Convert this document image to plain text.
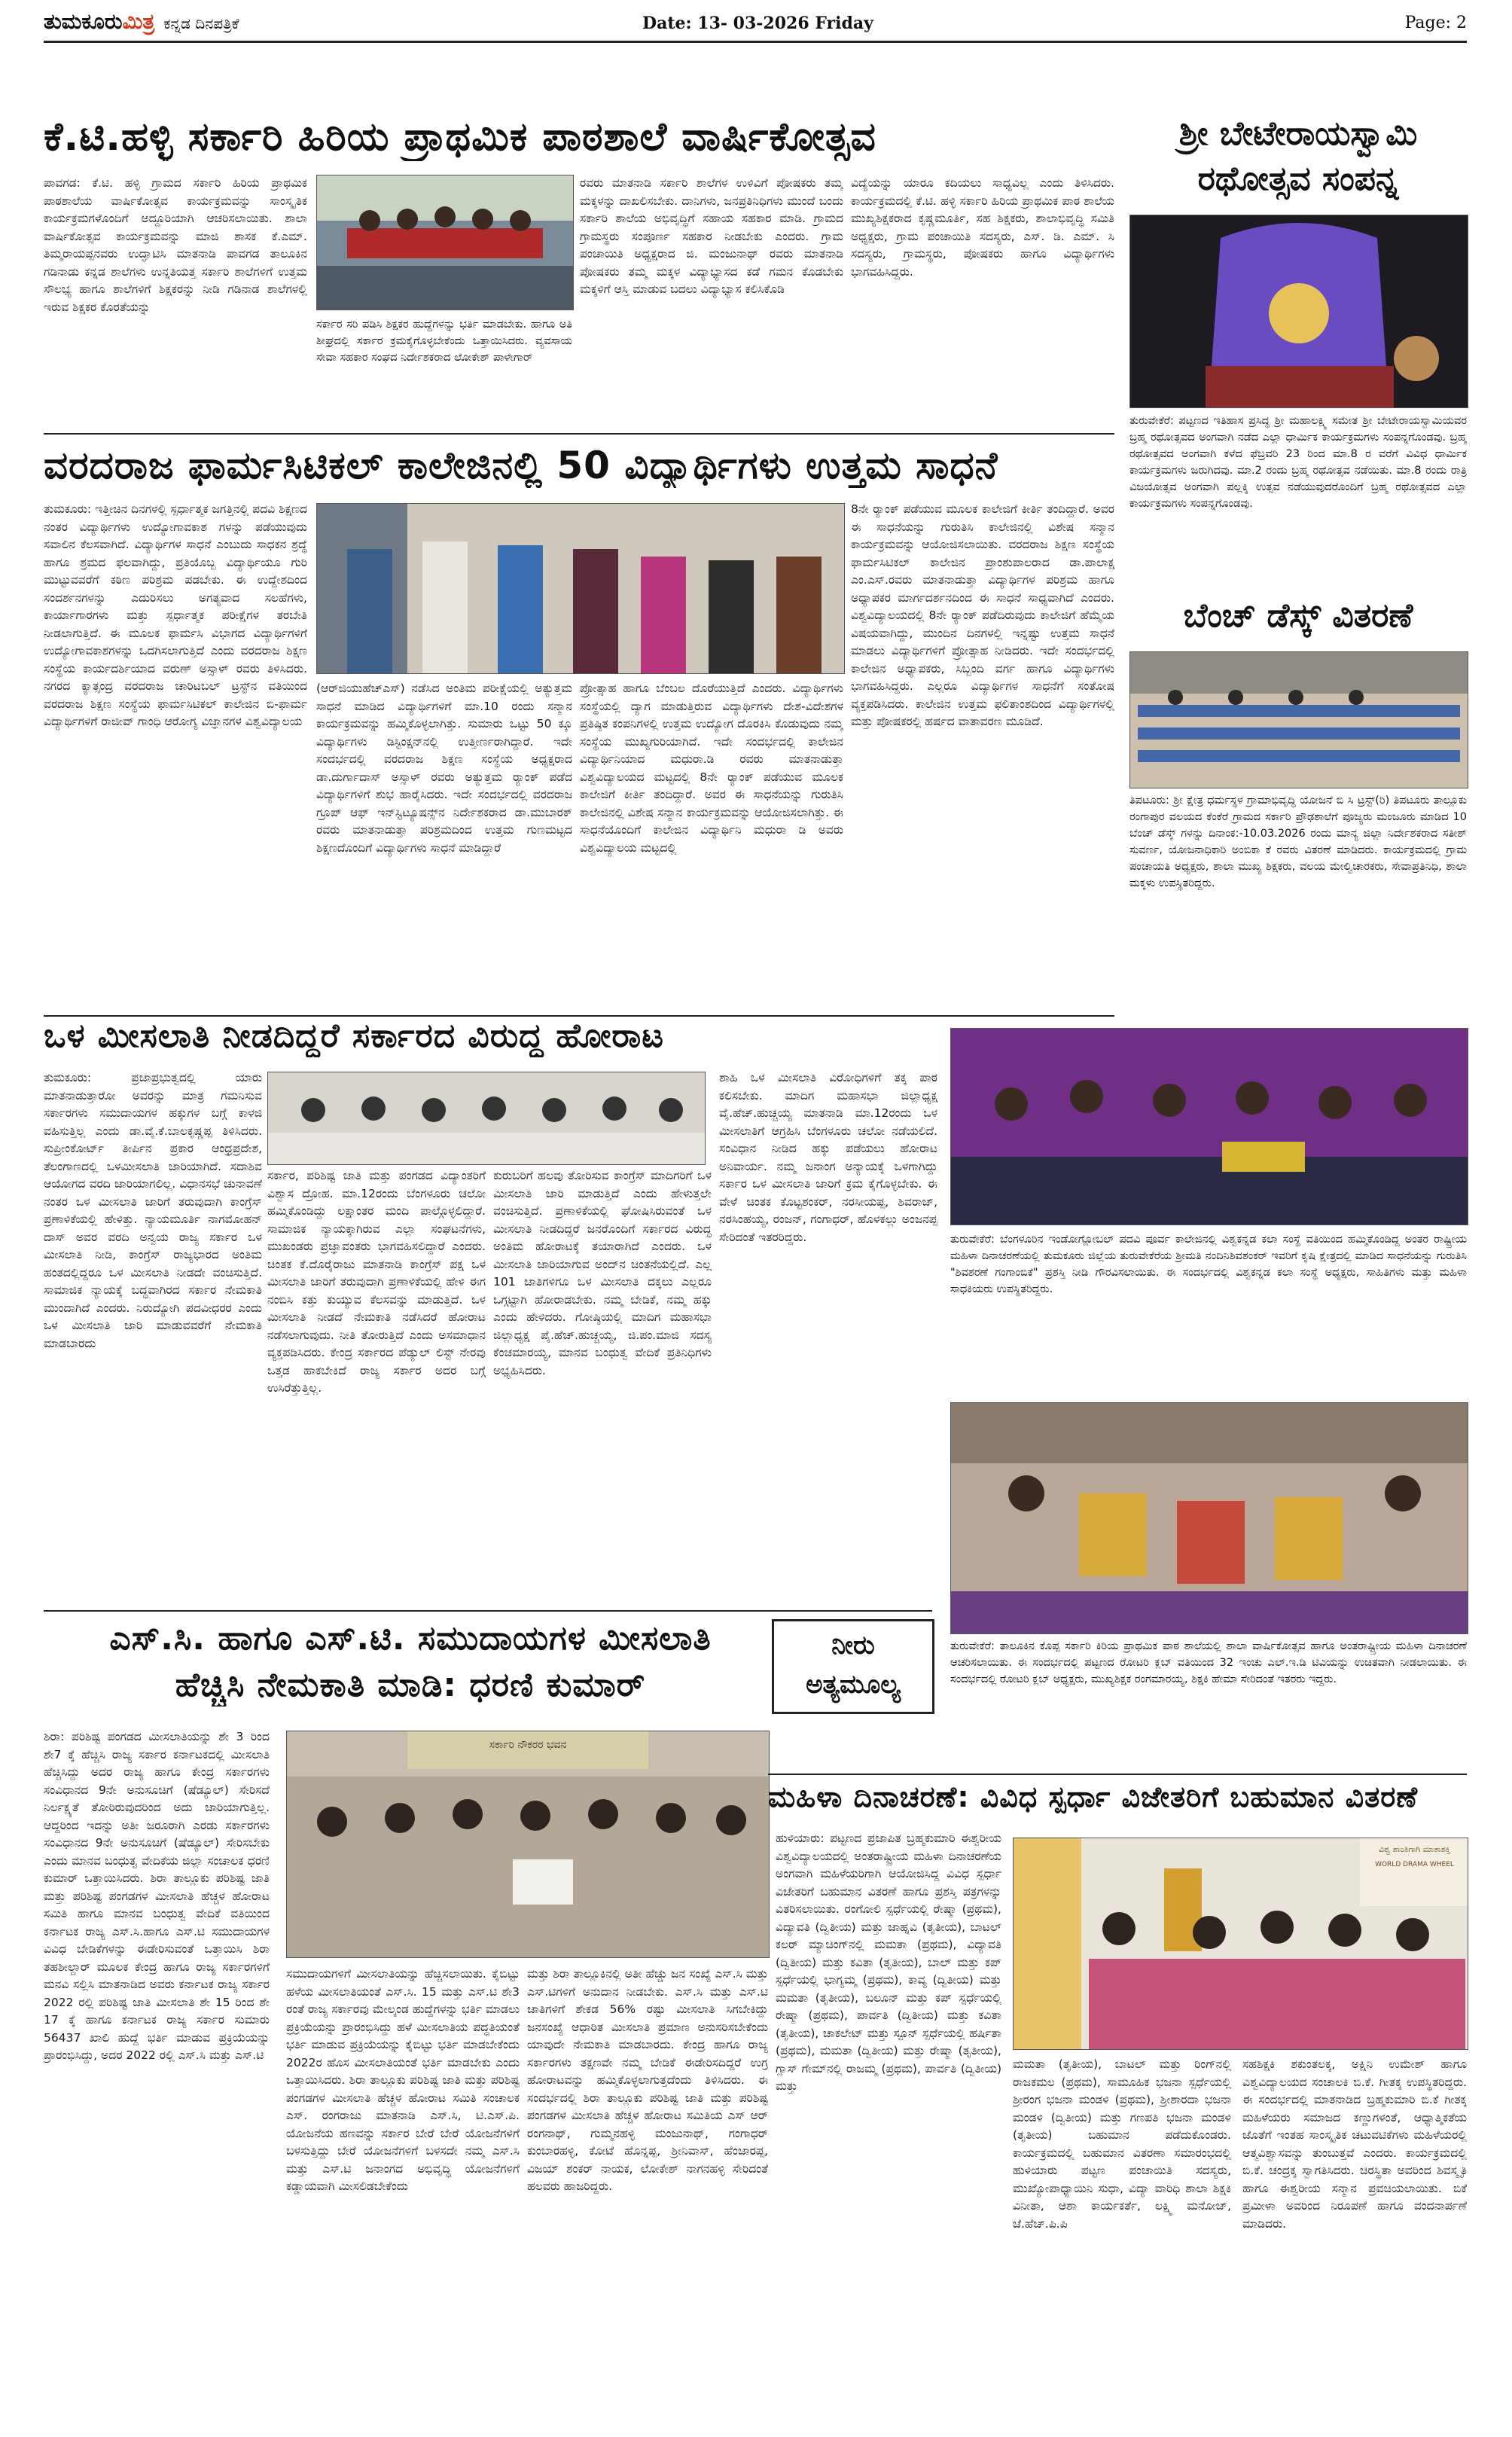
ತುಮಕೂರುಮಿತ್ರ ಕನ್ನಡ ದಿನಪತ್ರಿಕೆ	Date: 13- 03-2026 Friday	Page: 2
ಕೆ.ಟಿ.ಹಳ್ಳಿ ಸರ್ಕಾರಿ ಹಿರಿಯ ಪ್ರಾಥಮಿಕ ಪಾಠಶಾಲೆ ವಾರ್ಷಿಕೋತ್ಸವ
ಪಾವಗಡ: ಕೆ.ಟಿ. ಹಳ್ಳಿ ಗ್ರಾಮದ ಸರ್ಕಾರಿ ಹಿರಿಯ ಪ್ರಾಥಮಿಕ ಪಾಠಶಾಲೆಯ ವಾರ್ಷಿಕೋತ್ಸವ ಕಾರ್ಯಕ್ರಮವನ್ನು ಸಾಂಸ್ಕೃತಿಕ ಕಾರ್ಯಕ್ರಮಗಳೊಂದಿಗೆ ಅದ್ದೂರಿಯಾಗಿ ಆಚರಿಸಲಾಯಿತು. ಶಾಲಾ ವಾರ್ಷಿಕೋತ್ಸವ ಕಾರ್ಯಕ್ರಮವನ್ನು ಮಾಜಿ ಶಾಸಕ ಕೆ.ಎಮ್. ತಿಮ್ಮರಾಯಪ್ಪನವರು ಉದ್ಘಾಟಿಸಿ ಮಾತನಾಡಿ ಪಾವಗಡ ತಾಲೂಕಿನ ಗಡಿನಾಡು ಕನ್ನಡ ಶಾಲೆಗಳು ಉನ್ನತಿಯತ್ತ ಸರ್ಕಾರಿ ಶಾಲೆಗಳಿಗೆ ಉತ್ತಮ ಸೌಲಭ್ಯ ಹಾಗೂ ಶಾಲೆಗಳಿಗೆ ಶಿಕ್ಷಕರನ್ನು ನೀಡಿ ಗಡಿನಾಡ ಶಾಲೆಗಳಲ್ಲಿ ಇರುವ ಶಿಕ್ಷಕರ ಕೊರತೆಯನ್ನು
ಸರ್ಕಾರ ಸರಿ ಪಡಿಸಿ ಶಿಕ್ಷಕರ ಹುದ್ದೆಗಳನ್ನು ಭರ್ತಿ ಮಾಡಬೇಕು. ಹಾಗೂ ಅತಿ ಶೀಘ್ರದಲ್ಲಿ ಸರ್ಕಾರ ಕ್ರಮಕೈಗೊಳ್ಳಬೇಕೆಂದು ಒತ್ತಾಯಿಸಿದರು. ವ್ಯವಸಾಯ ಸೇವಾ ಸಹಕಾರ ಸಂಘದ ನಿರ್ದೇಶಕರಾದ ಲೋಕೇಶ್ ಪಾಳೇಗಾರ್
ರವರು ಮಾತನಾಡಿ ಸರ್ಕಾರಿ ಶಾಲೆಗಳ ಉಳಿವಿಗೆ ಪೋಷಕರು ತಮ್ಮ ಮಕ್ಕಳನ್ನು ದಾಖಲಿಸಬೇಕು. ದಾನಿಗಳು, ಜನಪ್ರತಿನಿಧಿಗಳು ಮುಂದೆ ಬಂದು ಸರ್ಕಾರಿ ಶಾಲೆಯ ಅಭಿವೃದ್ಧಿಗೆ ಸಹಾಯ ಸಹಕಾರ ಮಾಡಿ. ಗ್ರಾಮದ ಗ್ರಾಮಸ್ಥರು ಸಂಪೂರ್ಣ ಸಹಕಾರ ನೀಡಬೇಕು ಎಂದರು. ಗ್ರಾಮ ಪಂಚಾಯಿತಿ ಅಧ್ಯಕ್ಷರಾದ ಜಿ. ಮಂಜುನಾಥ್ ರವರು ಮಾತನಾಡಿ ಪೋಷಕರು ತಮ್ಮ ಮಕ್ಕಳ ವಿದ್ಯಾಭ್ಯಾಸದ ಕಡೆ ಗಮನ ಕೊಡಬೇಕು ಮಕ್ಕಳಿಗೆ ಆಸ್ತಿ ಮಾಡುವ ಬದಲು ವಿದ್ಯಾಭ್ಯಾಸ ಕಲಿಸಿಕೊಡಿ
ವಿದ್ಯೆಯನ್ನು ಯಾರೂ ಕದಿಯಲು ಸಾಧ್ಯವಿಲ್ಲ ಎಂದು ತಿಳಿಸಿದರು. ಕಾರ್ಯಕ್ರಮದಲ್ಲಿ ಕೆ.ಟಿ. ಹಳ್ಳಿ ಸರ್ಕಾರಿ ಹಿರಿಯ ಪ್ರಾಥಮಿಕ ಪಾಠ ಶಾಲೆಯ ಮುಖ್ಯಶಿಕ್ಷಕರಾದ ಕೃಷ್ಣಮೂರ್ತಿ, ಸಹ ಶಿಕ್ಷಕರು, ಶಾಲಾಭಿವೃದ್ಧಿ ಸಮಿತಿ ಅಧ್ಯಕ್ಷರು, ಗ್ರಾಮ ಪಂಚಾಯಿತಿ ಸದಸ್ಯರು, ಎಸ್. ಡಿ. ಎಮ್. ಸಿ ಸದಸ್ಯರು, ಗ್ರಾಮಸ್ಥರು, ಪೋಷಕರು ಹಾಗೂ ವಿದ್ಯಾರ್ಥಿಗಳು ಭಾಗವಹಿಸಿದ್ದರು.
ಶ್ರೀ ಬೇಟೇರಾಯಸ್ವಾಮಿ
ರಥೋತ್ಸವ ಸಂಪನ್ನ
ತುರುವೇಕೆರೆ: ಪಟ್ಟಣದ ಇತಿಹಾಸ ಪ್ರಸಿದ್ಧ ಶ್ರೀ ಮಹಾಲಕ್ಷ್ಮಿ ಸಮೇತ ಶ್ರೀ ಬೇಟೇರಾಯಸ್ವಾಮಿಯವರ ಬ್ರಹ್ಮ ರಥೋತ್ಸವದ ಅಂಗವಾಗಿ ನಡೆದ ಎಲ್ಲಾ ಧಾರ್ಮಿಕ ಕಾರ್ಯಕ್ರಮಗಳು ಸಂಪನ್ನಗೊಂಡವು. ಬ್ರಹ್ಮ ರಥೋತ್ಸವದ ಅಂಗವಾಗಿ ಕಳೆದ ಫೆಬ್ರವರಿ 23 ರಿಂದ ಮಾ.8 ರ ವರೆಗೆ ವಿವಿಧ ಧಾರ್ಮಿಕ ಕಾರ್ಯಕ್ರಮಗಳು ಜರುಗಿದವು. ಮಾ.2 ರಂದು ಬ್ರಹ್ಮ ರಥೋತ್ಸವ ನಡೆಯಿತು. ಮಾ.8 ರಂದು ರಾತ್ರಿ ವಿಜಯೋತ್ಸವ ಅಂಗವಾಗಿ ಪಲ್ಲಕ್ಕಿ ಉತ್ಸವ ನಡೆಯುವುದರೊಂದಿಗೆ ಬ್ರಹ್ಮ ರಥೋತ್ಸವದ ಎಲ್ಲಾ ಕಾರ್ಯಕ್ರಮಗಳು ಸಂಪನ್ನಗೊಂಡವು.
ವರದರಾಜ ಫಾರ್ಮಸಿಟಿಕಲ್ ಕಾಲೇಜಿನಲ್ಲಿ 50 ವಿದ್ಯಾರ್ಥಿಗಳು ಉತ್ತಮ ಸಾಧನೆ
ತುಮಕೂರು: ಇತ್ತೀಚಿನ ದಿನಗಳಲ್ಲಿ ಸ್ಪರ್ಧಾತ್ಮಕ ಜಗತ್ತಿನಲ್ಲಿ ಪದವಿ ಶಿಕ್ಷಣದ ನಂತರ ವಿದ್ಯಾರ್ಥಿಗಳು ಉದ್ಯೋಗಾವಕಾಶ ಗಳನ್ನು ಪಡೆಯುವುದು ಸವಾಲಿನ ಕೆಲಸವಾಗಿದೆ. ವಿದ್ಯಾರ್ಥಿಗಳ ಸಾಧನೆ ಎಂಬುದು ಸಾಧಕನ ಶ್ರದ್ಧೆ ಹಾಗೂ ಶ್ರಮದ ಫಲವಾಗಿದ್ದು, ಪ್ರತಿಯೊಬ್ಬ ವಿದ್ಯಾರ್ಥಿಯೂ ಗುರಿ ಮುಟ್ಟುವವರೆಗೆ ಕಠಿಣ ಪರಿಶ್ರಮ ಪಡಬೇಕು. ಈ ಉದ್ದೇಶದಿಂದ ಸಂದರ್ಶನಗಳನ್ನು ಎದುರಿಸಲು ಅಗತ್ಯವಾದ ಸಲಹೆಗಳು, ಕಾರ್ಯಾಗಾರಗಳು ಮತ್ತು ಸ್ಪರ್ಧಾತ್ಮಕ ಪರೀಕ್ಷೆಗಳ ತರಬೇತಿ ನೀಡಲಾಗುತ್ತಿದೆ. ಈ ಮೂಲಕ ಫಾರ್ಮಸಿ ವಿಭಾಗದ ವಿದ್ಯಾರ್ಥಿಗಳಿಗೆ ಉದ್ಯೋಗಾವಕಾಶಗಳನ್ನು ಒದಗಿಸಲಾಗುತ್ತಿದೆ ಎಂದು ವರದರಾಜ ಶಿಕ್ಷಣ ಸಂಸ್ಥೆಯ ಕಾರ್ಯದರ್ಶಿಯಾದ ವರುಣ್ ಅಸ್ಸಾಳ್ ರವರು ತಿಳಿಸಿದರು. ನಗರದ ಕ್ಯಾತ್ಸಂದ್ರ ವರದರಾಜ ಚಾರಿಟಬಲ್ ಟ್ರಸ್ಟ್‌ನ ವತಿಯಿಂದ ವರದರಾಜ ಶಿಕ್ಷಣ ಸಂಸ್ಥೆಯ ಫಾರ್ಮಸಿಟಿಕಲ್ ಕಾಲೇಜಿನ ಬಿ-ಫಾರ್ಮ ವಿದ್ಯಾರ್ಥಿಗಳಿಗೆ ರಾಜೀವ್ ಗಾಂಧಿ ಆರೋಗ್ಯ ವಿಜ್ಞಾನಗಳ ವಿಶ್ವವಿದ್ಯಾಲಯ
(ಆರ್‌ಜಿಯುಹೆಚ್‌ಎಸ್) ನಡೆಸಿದ ಅಂತಿಮ ಪರೀಕ್ಷೆಯಲ್ಲಿ ಅತ್ಯುತ್ತಮ ಸಾಧನೆ ಮಾಡಿದ ವಿದ್ಯಾರ್ಥಿಗಳಿಗೆ ಮಾ.10 ರಂದು ಸನ್ಮಾನ ಕಾರ್ಯಕ್ರಮವನ್ನು ಹಮ್ಮಿಕೊಳ್ಳಲಾಗಿತ್ತು. ಸುಮಾರು ಒಟ್ಟು 50 ಕ್ಕೂ ವಿದ್ಯಾರ್ಥಿಗಳು ಡಿಸ್ಟಿಂಕ್ಷನ್‌ನಲ್ಲಿ ಉತ್ತೀರ್ಣರಾಗಿದ್ದಾರೆ. ಇದೇ ಸಂದರ್ಭದಲ್ಲಿ ವರದರಾಜ ಶಿಕ್ಷಣ ಸಂಸ್ಥೆಯ ಅಧ್ಯಕ್ಷರಾದ ಡಾ.ದುರ್ಗಾದಾಸ್ ಅಸ್ಸಾಳ್ ರವರು ಅತ್ಯುತ್ತಮ ರ‍್ಯಾಂಕ್ ಪಡೆದ ವಿದ್ಯಾರ್ಥಿಗಳಿಗೆ ಶುಭ ಹಾರೈಸಿದರು. ಇದೇ ಸಂದರ್ಭದಲ್ಲಿ ವರದರಾಜ ಗ್ರೂಪ್ ಆಫ್ ಇನ್‌ಸ್ಟಿಟ್ಯೂಷನ್ಸ್‌ನ ನಿರ್ದೇಶಕರಾದ ಡಾ.ಮುಬಾರಕ್ ರವರು ಮಾತನಾಡುತ್ತಾ ಪರಿಶ್ರಮದಿಂದ ಉತ್ತಮ ಗುಣಮಟ್ಟದ ಶಿಕ್ಷಣದೊಂದಿಗೆ ವಿದ್ಯಾರ್ಥಿಗಳು ಸಾಧನೆ ಮಾಡಿದ್ದಾರೆ
ಪ್ರೋತ್ಸಾಹ ಹಾಗೂ ಬೆಂಬಲ ದೊರೆಯುತ್ತಿದೆ ಎಂದರು. ವಿದ್ಯಾರ್ಥಿಗಳು ಸಂಸ್ಥೆಯಲ್ಲಿ ದ್ಯಾಗ ಮಾಡುತ್ತಿರುವ ವಿದ್ಯಾರ್ಥಿಗಳು ದೇಶ-ವಿದೇಶಗಳ ಪ್ರತಿಷ್ಠಿತ ಕಂಪನಿಗಳಲ್ಲಿ ಉತ್ತಮ ಉದ್ಯೋಗ ದೊರಕಿಸಿ ಕೊಡುವುದು ನಮ್ಮ ಸಂಸ್ಥೆಯ ಮುಖ್ಯಗುರಿಯಾಗಿದೆ. ಇದೇ ಸಂದರ್ಭದಲ್ಲಿ ಕಾಲೇಜಿನ ವಿದ್ಯಾರ್ಥಿನಿಯಾದ ಮಧುರಾ.ಡಿ ರವರು ಮಾತನಾಡುತ್ತಾ ವಿಶ್ವವಿದ್ಯಾಲಯದ ಮಟ್ಟದಲ್ಲಿ 8ನೇ ರ‍್ಯಾಂಕ್ ಪಡೆಯುವ ಮೂಲಕ ಕಾಲೇಜಿಗೆ ಕೀರ್ತಿ ತಂದಿದ್ದಾರೆ. ಅವರ ಈ ಸಾಧನೆಯನ್ನು ಗುರುತಿಸಿ ಕಾಲೇಜಿನಲ್ಲಿ ವಿಶೇಷ ಸನ್ಮಾನ ಕಾರ್ಯಕ್ರಮವನ್ನು ಆಯೋಜಿಸಲಾಗಿತ್ತು. ಈ ಸಾಧನೆಯೊಂದಿಗೆ ಕಾಲೇಜಿನ ವಿದ್ಯಾರ್ಥಿನಿ ಮಧುರಾ ಡಿ ಅವರು ವಿಶ್ವವಿದ್ಯಾಲಯ ಮಟ್ಟದಲ್ಲಿ
8ನೇ ರ‍್ಯಾಂಕ್ ಪಡೆಯುವ ಮೂಲಕ ಕಾಲೇಜಿಗೆ ಕೀರ್ತಿ ತಂದಿದ್ದಾರೆ. ಅವರ ಈ ಸಾಧನೆಯನ್ನು ಗುರುತಿಸಿ ಕಾಲೇಜಿನಲ್ಲಿ ವಿಶೇಷ ಸನ್ಮಾನ ಕಾರ್ಯಕ್ರಮವನ್ನು ಆಯೋಜಿಸಲಾಯಿತು. ವರದರಾಜ ಶಿಕ್ಷಣ ಸಂಸ್ಥೆಯ ಫಾರ್ಮಸಿಟಿಕಲ್ ಕಾಲೇಜಿನ ಪ್ರಾಂಶುಪಾಲರಾದ ಡಾ.ಪಾಲಾಕ್ಷ ಎಂ.ಎಸ್.ರವರು ಮಾತನಾಡುತ್ತಾ ವಿದ್ಯಾರ್ಥಿಗಳ ಪರಿಶ್ರಮ ಹಾಗೂ ಅಧ್ಯಾಪಕರ ಮಾರ್ಗದರ್ಶನದಿಂದ ಈ ಸಾಧನೆ ಸಾಧ್ಯವಾಗಿದೆ ಎಂದರು. ವಿಶ್ವವಿದ್ಯಾಲಯದಲ್ಲಿ 8ನೇ ರ‍್ಯಾಂಕ್ ಪಡೆದಿರುವುದು ಕಾಲೇಜಿಗೆ ಹೆಮ್ಮೆಯ ವಿಷಯವಾಗಿದ್ದು, ಮುಂದಿನ ದಿನಗಳಲ್ಲಿ ಇನ್ನಷ್ಟು ಉತ್ತಮ ಸಾಧನೆ ಮಾಡಲು ವಿದ್ಯಾರ್ಥಿಗಳಿಗೆ ಪ್ರೋತ್ಸಾಹ ನೀಡಿದರು. ಇದೇ ಸಂದರ್ಭದಲ್ಲಿ ಕಾಲೇಜಿನ ಅಧ್ಯಾಪಕರು, ಸಿಬ್ಬಂದಿ ವರ್ಗ ಹಾಗೂ ವಿದ್ಯಾರ್ಥಿಗಳು ಭಾಗವಹಿಸಿದ್ದರು. ಎಲ್ಲರೂ ವಿದ್ಯಾರ್ಥಿಗಳ ಸಾಧನೆಗೆ ಸಂತೋಷ ವ್ಯಕ್ತಪಡಿಸಿದರು. ಕಾಲೇಜಿನ ಉತ್ತಮ ಫಲಿತಾಂಶದಿಂದ ವಿದ್ಯಾರ್ಥಿಗಳಲ್ಲಿ ಮತ್ತು ಪೋಷಕರಲ್ಲಿ ಹರ್ಷದ ವಾತಾವರಣ ಮೂಡಿದೆ.
ಬೆಂಚ್ ಡೆಸ್ಕ್ ವಿತರಣೆ
ತಿಪಟೂರು: ಶ್ರೀ ಕ್ಷೇತ್ರ ಧರ್ಮಸ್ಥಳ ಗ್ರಾಮಾಭಿವೃದ್ಧಿ ಯೋಜನೆ ಬಿ ಸಿ ಟ್ರಸ್ಟ್(ರಿ) ತಿಪಟೂರು ತಾಲ್ಲೂಕು ರಂಗಾಪುರ ವಲಯದ ಕೆಂಕೆರೆ ಗ್ರಾಮದ ಸರ್ಕಾರಿ ಪ್ರೌಢಶಾಲೆಗೆ ಪೂಜ್ಯರು ಮಂಜೂರು ಮಾಡಿದ 10 ಬೆಂಚ್ ಡೆಸ್ಕ್ ಗಳನ್ನು ದಿನಾಂಕ:-10.03.2026 ರಂದು ಮಾನ್ಯ ಜಿಲ್ಲಾ ನಿರ್ದೇಶಕರಾದ ಸತೀಶ್ ಸುವರ್ಣ, ಯೋಜನಾಧಿಕಾರಿ ಅಂಬಿಕಾ ಕೆ ರವರು ವಿತರಣೆ ಮಾಡಿದರು. ಕಾರ್ಯಕ್ರಮದಲ್ಲಿ ಗ್ರಾಮ ಪಂಚಾಯತಿ ಅಧ್ಯಕ್ಷರು, ಶಾಲಾ ಮುಖ್ಯ ಶಿಕ್ಷಕರು, ವಲಯ ಮೇಲ್ವಿಚಾರಕರು, ಸೇವಾಪ್ರತಿನಿಧಿ, ಶಾಲಾ ಮಕ್ಕಳು ಉಪಸ್ಥಿತರಿದ್ದರು.
ಒಳ ಮೀಸಲಾತಿ ನೀಡದಿದ್ದರೆ ಸರ್ಕಾರದ ವಿರುದ್ಧ ಹೋರಾಟ
ತುಮಕೂರು: ಪ್ರಜಾಪ್ರಭುತ್ವದಲ್ಲಿ ಯಾರು ಮಾತನಾಡುತ್ತಾರೋ ಅವರನ್ನು ಮಾತ್ರ ಗಮನಿಸುವ ಸರ್ಕಾರಗಳು ಸಮುದಾಯಗಳ ಹಕ್ಕುಗಳ ಬಗ್ಗೆ ಕಾಳಜಿ ವಹಿಸುತ್ತಿಲ್ಲ ಎಂದು ಡಾ.ವೈ.ಕೆ.ಬಾಲಕೃಷ್ಣಪ್ಪ ತಿಳಿಸಿದರು. ಸುಪ್ರೀಂಕೋರ್ಟ್ ತೀರ್ಪಿನ ಪ್ರಕಾರ ಆಂಧ್ರಪ್ರದೇಶ, ತೆಲಂಗಾಣದಲ್ಲಿ ಒಳಮೀಸಲಾತಿ ಜಾರಿಯಾಗಿದೆ. ಸದಾಶಿವ ಆಯೋಗದ ವರದಿ ಜಾರಿಯಾಗಲಿಲ್ಲ. ವಿಧಾನಸಭೆ ಚುನಾವಣೆ ನಂತರ ಒಳ ಮೀಸಲಾತಿ ಜಾರಿಗೆ ತರುವುದಾಗಿ ಕಾಂಗ್ರೆಸ್ ಪ್ರಣಾಳಿಕೆಯಲ್ಲಿ ಹೇಳಿತ್ತು. ನ್ಯಾಯಮೂರ್ತಿ ನಾಗಮೋಹನ್ ದಾಸ್ ಅವರ ವರದಿ ಅನ್ವಯ ರಾಜ್ಯ ಸರ್ಕಾರ ಒಳ ಮೀಸಲಾತಿ ನೀಡಿ, ಕಾಂಗ್ರೆಸ್ ರಾಜ್ಯಭಾರದ ಅಂತಿಮ ಹಂತದಲ್ಲಿದ್ದರೂ ಒಳ ಮೀಸಲಾತಿ ನೀಡದೇ ವಂಚಿಸುತ್ತಿದೆ. ಸಾಮಾಜಿಕ ನ್ಯಾಯಕ್ಕೆ ಬದ್ಧವಾಗಿರದ ಸರ್ಕಾರ ನೇಮಕಾತಿ ಮುಂದಾಗಿದೆ ಎಂದರು. ನಿರುದ್ಯೋಗಿ ಪದವೀಧರರ ಎಂದು ಒಳ ಮೀಸಲಾತಿ ಜಾರಿ ಮಾಡುವವರೆಗೆ ನೇಮಕಾತಿ ಮಾಡಬಾರದು
ಸರ್ಕಾರ, ಪರಿಶಿಷ್ಟ ಜಾತಿ ಮತ್ತು ಪಂಗಡದ ವಿದ್ಯಾಂತರಿಗೆ ವಿಶ್ವಾಸ ದ್ರೋಹ. ಮಾ.12ರಂದು ಬೆಂಗಳೂರು ಚಲೋ ಹಮ್ಮಿಕೊಂಡಿದ್ದು ಲಕ್ಷಾಂತರ ಮಂದಿ ಪಾಲ್ಗೊಳ್ಳಲಿದ್ದಾರೆ. ಸಾಮಾಜಿಕ ನ್ಯಾಯಕ್ಕಾಗಿರುವ ಎಲ್ಲಾ ಸಂಘಟನೆಗಳು, ಮುಖಂಡರು ಪ್ರಜ್ಞಾವಂತರು ಭಾಗವಹಿಸಲಿದ್ದಾರೆ ಎಂದರು. ಚಿಂತಕ ಕೆ.ದೊರೈರಾಜು ಮಾತನಾಡಿ ಕಾಂಗ್ರೆಸ್ ಪಕ್ಷ ಒಳ ಮೀಸಲಾತಿ ಜಾರಿಗೆ ತರುವುದಾಗಿ ಪ್ರಣಾಳಿಕೆಯಲ್ಲಿ ಹೇಳಿ ಈಗ ನಂಬಿಸಿ ಕತ್ತು ಕುಯ್ಯುವ ಕೆಲಸವನ್ನು ಮಾಡುತ್ತಿದೆ. ಒಳ ಮೀಸಲಾತಿ ನೀಡದೆ ನೇಮಕಾತಿ ನಡೆಸಿದರೆ ಹೋರಾಟ ನಡೆಸಲಾಗುವುದು. ನೀತಿ ತೋರುತ್ತಿದೆ ಎಂದು ಅಸಮಾಧಾನ ವ್ಯಕ್ತಪಡಿಸಿದರು. ಕೇಂದ್ರ ಸರ್ಕಾರದ ಪೆಡ್ಯುಲ್ ಲಿಸ್ಟ್ ನೇರವು ಒತ್ತಡ ಹಾಕಬೇಕಿದೆ ರಾಜ್ಯ ಸರ್ಕಾರ ಅದರ ಬಗ್ಗೆ ಉಸಿರೆತ್ತುತ್ತಿಲ್ಲ.
ಕುರುಬರಿಗೆ ಹಲವು ತೋರಿಸುವ ಕಾಂಗ್ರೆಸ್ ಮಾದಿಗರಿಗೆ ಒಳ ಮೀಸಲಾತಿ ಜಾರಿ ಮಾಡುತ್ತಿದೆ ಎಂದು ಹೇಳುತ್ತಲೇ ವಂಚಿಸುತ್ತಿದೆ. ಪ್ರಣಾಳಿಕೆಯಲ್ಲಿ ಘೋಷಿಸಿರುವಂತೆ ಒಳ ಮೀಸಲಾತಿ ನೀಡದಿದ್ದರೆ ಜನರೊಂದಿಗೆ ಸರ್ಕಾರದ ವಿರುದ್ಧ ಅಂತಿಮ ಹೋರಾಟಕ್ಕೆ ತಯಾರಾಗಿದೆ ಎಂದರು. ಒಳ ಮೀಸಲಾತಿ ಜಾರಿಯಾಗುವ ಅಂದ್‌ನ ಚಿಂತನೆಯಲ್ಲಿದೆ. ಎಲ್ಲ 101 ಜಾತಿಗಳಿಗೂ ಒಳ ಮೀಸಲಾತಿ ದಕ್ಕಲು ಎಲ್ಲರೂ ಒಗ್ಗಟ್ಟಾಗಿ ಹೋರಾಡಬೇಕು. ನಮ್ಮ ಬೇಡಿಕೆ, ನಮ್ಮ ಹಕ್ಕು ಎಂದು ಹೇಳಿದರು. ಗೋಷ್ಠಿಯಲ್ಲಿ ಮಾದಿಗ ಮಹಾಸಭಾ ಜಿಲ್ಲಾಧ್ಯಕ್ಷ ಪೈ.ಹೆಚ್.ಹುಚ್ಚಯ್ಯ, ಜಿ.ಪಂ.ಮಾಜಿ ಸದಸ್ಯ ಕೆಂಚಮಾರಯ್ಯ, ಮಾನವ ಬಂಧುತ್ವ ವೇದಿಕೆ ಪ್ರತಿನಿಧಿಗಳು ಅಭ್ಯಹಿಸಿದರು.
ಶಾಹಿ ಒಳ ಮೀಸಲಾತಿ ವಿರೋಧಿಗಳಿಗೆ ತಕ್ಕ ಪಾಠ ಕಲಿಸಬೇಕು. ಮಾದಿಗ ಮಹಾಸಭಾ ಜಿಲ್ಲಾಧ್ಯಕ್ಷ ವೈ.ಹೆಚ್.ಹುಚ್ಚಯ್ಯ ಮಾತನಾಡಿ ಮಾ.12ರಂದು ಒಳ ಮೀಸಲಾತಿಗೆ ಆಗ್ರಹಿಸಿ ಬೆಂಗಳೂರು ಚಲೋ ನಡೆಯಲಿದೆ. ಸಂವಿಧಾನ ನೀಡಿದ ಹಕ್ಕು ಪಡೆಯಲು ಹೋರಾಟ ಅನಿವಾರ್ಯ. ನಮ್ಮ ಜನಾಂಗ ಅನ್ಯಾಯಕ್ಕೆ ಒಳಗಾಗಿದ್ದು ಸರ್ಕಾರ ಒಳ ಮೀಸಲಾತಿ ಜಾರಿಗೆ ಕ್ರಮ ಕೈಗೊಳ್ಳಬೇಕು. ಈ ವೇಳೆ ಚಿಂತಕ ಕೊಟ್ಟಶಂಕರ್, ನರಸೀಯಪ್ಪ, ಶಿವರಾಜ್, ನರಸಿಂಹಯ್ಯ, ರಂಜನ್, ಗಂಗಾಧರ್, ಹೊಳಕಲ್ಲು ಅಂಜನಪ್ಪ ಸೇರಿದಂತೆ ಇತರರಿದ್ದರು.	ತುರುವೇಕೆರೆ: ಬೆಂಗಳೂರಿನ ಇಂಡೋಗ್ಲೋಬಲ್ ಪದವಿ ಪೂರ್ವ ಕಾಲೇಜಿನಲ್ಲಿ ವಿಶ್ವಕನ್ನಡ ಕಲಾ ಸಂಸ್ಥೆ ವತಿಯಿಂದ ಹಮ್ಮಿಕೊಂಡಿದ್ದ ಅಂತರ ರಾಷ್ಟ್ರೀಯ ಮಹಿಳಾ ದಿನಾಚರಣೆಯಲ್ಲಿ ತುಮಕೂರು ಜಿಲ್ಲೆಯ ತುರುವೇಕೆರೆಯ ಶ್ರೀಮತಿ ನಂದಿನಿಶಿವಶಂಕರ್ ಇವರಿಗೆ ಕೃಷಿ ಕ್ಷೇತ್ರದಲ್ಲಿ ಮಾಡಿದ ಸಾಧನೆಯನ್ನು ಗುರುತಿಸಿ "ಶಿವಶರಣೆ ಗಂಗಾಂಬಿಕೆ" ಪ್ರಶಸ್ತಿ ನೀಡಿ ಗೌರವಿಸಲಾಯಿತು. ಈ ಸಂದರ್ಭದಲ್ಲಿ ವಿಶ್ವಕನ್ನಡ ಕಲಾ ಸಂಸ್ಥೆ ಅಧ್ಯಕ್ಷರು, ಸಾಹಿತಿಗಳು ಮತ್ತು ಮಹಿಳಾ ಸಾಧಕಿಯರು ಉಪಸ್ಥಿತರಿದ್ದರು.
ತುರುವೇಕೆರೆ: ತಾಲೂಕಿನ ಕೊಪ್ಪ ಸರ್ಕಾರಿ ಕಿರಿಯ ಪ್ರಾಥಮಿಕ ಪಾಠ ಶಾಲೆಯಲ್ಲಿ ಶಾಲಾ ವಾರ್ಷಿಕೋತ್ಸವ ಹಾಗೂ ಅಂತರಾಷ್ಟ್ರೀಯ ಮಹಿಳಾ ದಿನಾಚರಣೆ ಆಚರಿಸಲಾಯಿತು. ಈ ಸಂದರ್ಭದಲ್ಲಿ ಪಟ್ಟಣದ ರೋಟರಿ ಕ್ಲಬ್ ವತಿಯಿಂದ 32 ಇಂಚು ಎಲ್.ಇ.ಡಿ ಟಿವಿಯನ್ನು ಉಚಿತವಾಗಿ ನೀಡಲಾಯಿತು. ಈ ಸಂದರ್ಭದಲ್ಲಿ ರೋಟರಿ ಕ್ಲಬ್ ಅಧ್ಯಕ್ಷರು, ಮುಖ್ಯಶಿಕ್ಷಕ ರಂಗಮಾರಯ್ಯ, ಶಿಕ್ಷಕಿ ಹೇಮಾ ಸೇರಿದಂತೆ ಇತರರು ಇದ್ದರು.
ಎಸ್.ಸಿ. ಹಾಗೂ ಎಸ್.ಟಿ. ಸಮುದಾಯಗಳ ಮೀಸಲಾತಿ
ಹೆಚ್ಚಿಸಿ ನೇಮಕಾತಿ ಮಾಡಿ: ಧರಣಿ ಕುಮಾರ್
ನೀರು
ಅತ್ಯಮೂಲ್ಯ
ಶಿರಾ: ಪರಿಶಿಷ್ಟ ಪಂಗಡದ ಮೀಸಲಾತಿಯನ್ನು ಶೇ 3 ರಿಂದ ಶೇ7 ಕ್ಕೆ ಹೆಚ್ಚಿಸಿ ರಾಜ್ಯ ಸರ್ಕಾರ ಕರ್ನಾಟಕದಲ್ಲಿ ಮೀಸಲಾತಿ ಹೆಚ್ಚಿಸಿದ್ದು ಅದರ ರಾಜ್ಯ ಹಾಗೂ ಕೇಂದ್ರ ಸರ್ಕಾರಗಳು ಸಂವಿಧಾನದ 9ನೇ ಅನುಸೂಚಿಗೆ (ಷೆಡ್ಯೂಲ್) ಸೇರಿಸದೆ ನಿರ್ಲಕ್ಷ್ಯತೆ ತೋರಿರುವುದರಿಂದ ಅದು ಜಾರಿಯಾಗುತ್ತಿಲ್ಲ. ಆದ್ದರಿಂದ ಇದನ್ನು ಅತೀ ಜರೂರಾಗಿ ಎರಡು ಸರ್ಕಾರಗಳು ಸಂವಿಧಾನದ 9ನೇ ಅನುಸೂಚಿಗೆ (ಷೆಡ್ಯೂಲ್) ಸೇರಿಸಬೇಕು ಎಂದು ಮಾನವ ಬಂಧುತ್ವ ವೇದಿಕೆಯ ಜಿಲ್ಲಾ ಸಂಚಾಲಕ ಧರಣಿ ಕುಮಾರ್ ಒತ್ತಾಯಿಸಿದರು. ಶಿರಾ ತಾಲ್ಲೂಕು ಪರಿಶಿಷ್ಟ ಜಾತಿ ಮತ್ತು ಪರಿಶಿಷ್ಟ ಪಂಗಡಗಳ ಮೀಸಲಾತಿ ಹೆಚ್ಚಳ ಹೋರಾಟ ಸಮಿತಿ ಹಾಗೂ ಮಾನವ ಬಂಧುತ್ವ ವೇದಿಕೆ ವತಿಯಿಂದ ಕರ್ನಾಟಕ ರಾಜ್ಯ ಎಸ್.ಸಿ.ಹಾಗೂ ಎಸ್.ಟಿ ಸಮುದಾಯಗಳ ವಿವಿಧ ಬೇಡಿಕೆಗಳನ್ನು ಈಡೇರಿಸುವಂತೆ ಒತ್ತಾಯಿಸಿ ಶಿರಾ ತಹಶೀಲ್ದಾರ್ ಮೂಲಕ ಕೇಂದ್ರ ಹಾಗೂ ರಾಜ್ಯ ಸರ್ಕಾರಗಳಿಗೆ ಮನವಿ ಸಲ್ಲಿಸಿ ಮಾತನಾಡಿದ ಅವರು ಕರ್ನಾಟಕ ರಾಜ್ಯ ಸರ್ಕಾರ 2022 ರಲ್ಲಿ ಪರಿಶಿಷ್ಟ ಜಾತಿ ಮೀಸಲಾತಿ ಶೇ 15 ರಿಂದ ಶೇ 17 ಕ್ಕೆ ಹಾಗೂ ಕರ್ನಾಟಕ ರಾಜ್ಯ ಸರ್ಕಾರ ಸುಮಾರು 56437 ಖಾಲಿ ಹುದ್ದೆ ಭರ್ತಿ ಮಾಡುವ ಪ್ರಕ್ರಿಯೆಯನ್ನು ಪ್ರಾರಂಭಿಸಿದ್ದು, ಅದರ 2022 ರಲ್ಲಿ ಎಸ್.ಸಿ ಮತ್ತು ಎಸ್.ಟಿ
ಸರ್ಕಾರಿ ನೌಕರರ ಭವನ
ಸಮುದಾಯಗಳಿಗೆ ಮೀಸಲಾತಿಯನ್ನು ಹೆಚ್ಚಿಸಲಾಯಿತು. ಕೈಬಿಟ್ಟು ಹಳೆಯ ಮೀಸಲಾತಿಯಂತೆ ಎಸ್.ಸಿ. 15 ಮತ್ತು ಎಸ್.ಟಿ ಶೇ3 ರಂತೆ ರಾಜ್ಯ ಸರ್ಕಾರವು ಮೇಲ್ಕಂಡ ಹುದ್ದೆಗಳನ್ನು ಭರ್ತಿ ಮಾಡಲು ಪ್ರಕ್ರಿಯೆಯನ್ನು ಪ್ರಾರಂಭಿಸಿದ್ದು ಹಳೆ ಮೀಸಲಾತಿಯ ಪದ್ಧತಿಯಂತೆ ಭರ್ತಿ ಮಾಡುವ ಪ್ರಕ್ರಿಯೆಯನ್ನು ಕೈಬಿಟ್ಟು ಭರ್ತಿ ಮಾಡಬೇಕೆಂದು 2022ರ ಹೊಸ ಮೀಸಲಾತಿಯಂತೆ ಭರ್ತಿ ಮಾಡಬೇಕು ಎಂದು ಒತ್ತಾಯಿಸಿದರು. ಶಿರಾ ತಾಲ್ಲೂಕು ಪರಿಶಿಷ್ಟ ಜಾತಿ ಮತ್ತು ಪರಿಶಿಷ್ಟ ಪಂಗಡಗಳ ಮೀಸಲಾತಿ ಹೆಚ್ಚಳ ಹೋರಾಟ ಸಮಿತಿ ಸಂಚಾಲಕ ಎಸ್. ರಂಗರಾಜು ಮಾತನಾಡಿ ಎಸ್.ಸಿ, ಟಿ.ಎಸ್.ಪಿ. ಯೋಜನೆಯ ಹಣವನ್ನು ಸರ್ಕಾರ ಬೇರೆ ಬೇರೆ ಯೋಜನೆಗಳಿಗೆ ಬಳಸುತ್ತಿದ್ದು ಬೇರೆ ಯೋಜನೆಗಳಿಗೆ ಬಳಸದೇ ನಮ್ಮ ಎಸ್.ಸಿ ಮತ್ತು ಎಸ್.ಟಿ ಜನಾಂಗದ ಅಭಿವೃದ್ಧಿ ಯೋಜನೆಗಳಿಗೆ ಕಡ್ಡಾಯವಾಗಿ ಮೀಸಲಿಡಬೇಕೆಂದು
ಮತ್ತು ಶಿರಾ ತಾಲ್ಲೂಕಿನಲ್ಲಿ ಅತೀ ಹೆಚ್ಚು ಜನ ಸಂಖ್ಯೆ ಎಸ್.ಸಿ ಮತ್ತು ಎಸ್.ಟಿಗಳಿಗೆ ಅನುದಾನ ನೀಡಬೇಕು. ಎಸ್.ಸಿ ಮತ್ತು ಎಸ್.ಟಿ ಜಾತಿಗಳಿಗೆ ಶೇಕಡ 56% ರಷ್ಟು ಮೀಸಲಾತಿ ಸಿಗಬೇಕಿದ್ದು ಜನಸಂಖ್ಯೆ ಆಧಾರಿತ ಮೀಸಲಾತಿ ಪ್ರಮಾಣ ಅನುಸರಿಸಬೇಕೆಂದು ಯಾವುದೇ ನೇಮಕಾತಿ ಮಾಡಬಾರದು. ಕೇಂದ್ರ ಹಾಗೂ ರಾಜ್ಯ ಸರ್ಕಾರಗಳು ತಕ್ಷಣವೇ ನಮ್ಮ ಬೇಡಿಕೆ ಈಡೇರಿಸದಿದ್ದರೆ ಉಗ್ರ ಹೋರಾಟವನ್ನು ಹಮ್ಮಿಕೊಳ್ಳಲಾಗುತ್ತದೆಂದು ತಿಳಿಸಿದರು. ಈ ಸಂದರ್ಭದಲ್ಲಿ ಶಿರಾ ತಾಲ್ಲೂಕು ಪರಿಶಿಷ್ಟ ಜಾತಿ ಮತ್ತು ಪರಿಶಿಷ್ಟ ಪಂಗಡಗಳ ಮೀಸಲಾತಿ ಹೆಚ್ಚಳ ಹೋರಾಟ ಸಮಿತಿಯ ಎಸ್ ಆರ್ ರಂಗನಾಥ್, ಗುಮ್ಮನಹಳ್ಳಿ ಮಂಜುನಾಥ್, ಗಂಗಾಧರ್ ಕುಂಬಾರಹಳ್ಳಿ, ಕೋಟೆ ಹೊನ್ನಪ್ಪ, ಶ್ರೀನಿವಾಸ್, ಹೆಂಜಾರಪ್ಪ, ವಿಜಯ್ ಶಂಕರ್ ನಾಯಕ, ಲೋಕೇಶ್ ನಾಗನಹಳ್ಳಿ ಸೇರಿದಂತೆ ಹಲವರು ಹಾಜರಿದ್ದರು.
ಮಹಿಳಾ ದಿನಾಚರಣೆ: ವಿವಿಧ ಸ್ಪರ್ಧಾ ವಿಜೇತರಿಗೆ ಬಹುಮಾನ ವಿತರಣೆ
ಹುಳಿಯಾರು: ಪಟ್ಟಣದ ಪ್ರಜಾಪಿತ ಬ್ರಹ್ಮಕುಮಾರಿ ಈಶ್ವರೀಯ ವಿಶ್ವವಿದ್ಯಾಲಯದಲ್ಲಿ ಅಂತರಾಷ್ಟ್ರೀಯ ಮಹಿಳಾ ದಿನಾಚರಣೆಯ ಅಂಗವಾಗಿ ಮಹಿಳೆಯರಿಗಾಗಿ ಆಯೋಜಿಸಿದ್ದ ವಿವಿಧ ಸ್ಪರ್ಧಾ ವಿಜೇತರಿಗೆ ಬಹುಮಾನ ವಿತರಣೆ ಹಾಗೂ ಪ್ರಶಸ್ತಿ ಪತ್ರಗಳನ್ನು ವಿತರಿಸಲಾಯಿತು. ರಂಗೋಲಿ ಸ್ಪರ್ಧೆಯಲ್ಲಿ ರೇಷ್ಮಾ (ಪ್ರಥಮ), ವಿದ್ಯಾವತಿ (ದ್ವಿತೀಯ) ಮತ್ತು ಜಾಹ್ನವಿ (ತೃತೀಯ), ಬಾಟಲ್ ಕಲರ್ ಮ್ಯಾಚಿಂಗ್‌ನಲ್ಲಿ ಮಮತಾ (ಪ್ರಥಮ), ವಿದ್ಯಾವತಿ (ದ್ವಿತೀಯ) ಮತ್ತು ಕವಿತಾ (ತೃತೀಯ), ಬಾಲ್ ಮತ್ತು ಕಪ್ ಸ್ಪರ್ಧೆಯಲ್ಲಿ ಭಾಗ್ಯಮ್ಮ (ಪ್ರಥಮ), ಕಾವ್ಯ (ದ್ವಿತೀಯ) ಮತ್ತು ಮಮತಾ (ತೃತೀಯ), ಬಲೂನ್ ಮತ್ತು ಕಪ್ ಸ್ಪರ್ಧೆಯಲ್ಲಿ ರೇಷ್ಮಾ (ಪ್ರಥಮ), ಪಾರ್ವತಿ (ದ್ವಿತೀಯ) ಮತ್ತು ಕವಿತಾ (ತೃತೀಯ), ಚಾಕಲೇಟ್ ಮತ್ತು ಸ್ಪೂನ್ ಸ್ಪರ್ಧೆಯಲ್ಲಿ ಹರ್ಷಿತಾ (ಪ್ರಥಮ), ಮಮತಾ (ದ್ವಿತೀಯ) ಮತ್ತು ರೇಷ್ಮಾ (ತೃತೀಯ), ಗ್ಲಾಸ್ ಗೇಮ್‌ನಲ್ಲಿ ರಾಜಮ್ಮ (ಪ್ರಥಮ), ಪಾರ್ವತಿ (ದ್ವಿತೀಯ) ಮತ್ತು
ವಿಶ್ವ ಶಾಂತಿಗಾಗಿ ಮಾತಾಶಕ್ತಿ
WORLD DRAMA WHEEL
ಮಮತಾ (ತೃತೀಯ), ಬಾಟಲ್ ಮತ್ತು ರಿಂಗ್‌ನಲ್ಲಿ ರಾಜಕಮಲ (ಪ್ರಥಮ), ಸಾಮೂಹಿಕ ಭಜನಾ ಸ್ಪರ್ಧೆಯಲ್ಲಿ ಶ್ರೀರಂಗ ಭಜನಾ ಮಂಡಳಿ (ಪ್ರಥಮ), ಶ್ರೀಶಾರದಾ ಭಜನಾ ಮಂಡಳಿ (ದ್ವಿತೀಯ) ಮತ್ತು ಗಣಪತಿ ಭಜನಾ ಮಂಡಳಿ (ತೃತೀಯ) ಬಹುಮಾನ ಪಡೆದುಕೊಂಡರು. ಕಾರ್ಯಕ್ರಮದಲ್ಲಿ ಬಹುಮಾನ ವಿತರಣಾ ಸಮಾರಂಭದಲ್ಲಿ ಹುಳಿಯಾರು ಪಟ್ಟಣ ಪಂಚಾಯಿತಿ ಸದಸ್ಯರು, ಮುಖ್ಯೋಪಾಧ್ಯಾಯಿನಿ ಸುಧಾ, ವಿದ್ಯಾ ವಾರಿಧಿ ಶಾಲಾ ಶಿಕ್ಷಕಿ ವಿನೀತಾ, ಆಶಾ ಕಾರ್ಯಕರ್ತೆ, ಲಕ್ಷ್ಮಿ ಮನೋಜ್, ಜೆ.ಹೆಚ್.ಪಿ.ಪಿ
ಸಹಶಿಕ್ಷಕಿ ಶಕುಂತಲಕ್ಕ, ಅಕ್ಷಿನಿ ಉಮೇಶ್ ಹಾಗೂ ವಿಶ್ವವಿದ್ಯಾಲಯದ ಸಂಚಾಲಕಿ ಬಿ.ಕೆ. ಗೀತಕ್ಕ ಉಪಸ್ಥಿತರಿದ್ದರು. ಈ ಸಂದರ್ಭದಲ್ಲಿ ಮಾತನಾಡಿದ ಬ್ರಹ್ಮಕುಮಾರಿ ಬಿ.ಕೆ ಗೀತಕ್ಕ ಮಹಿಳೆಯರು ಸಮಾಜದ ಕಣ್ಣುಗಳಂತೆ, ಆಧ್ಯಾತ್ಮಿಕತೆಯ ಜೊತೆಗೆ ಇಂತಹ ಸಾಂಸ್ಕೃತಿಕ ಚಟುವಟಿಕೆಗಳು ಮಹಿಳೆಯರಲ್ಲಿ ಆತ್ಮವಿಶ್ವಾಸವನ್ನು ತುಂಬುತ್ತವೆ ಎಂದರು. ಕಾರ್ಯಕ್ರಮದಲ್ಲಿ ಬಿ.ಕೆ. ಚಂದ್ರಕ್ಕ ಸ್ವಾಗತಿಸಿದರು. ಚಿರಸ್ಥಿತಾ ಅವರಿಂದ ಶಿವಸ್ಮೃತಿ ಹಾಗೂ ಈಶ್ವರೀಯ ಸನ್ಮಾನ ಪ್ರವಚಿಯಲಾಯಿತು. ಬಿಕೆ ಪ್ರಮೀಳಾ ಅವರಿಂದ ನಿರೂಪಣೆ ಹಾಗೂ ವಂದನಾರ್ಪಣೆ ಮಾಡಿದರು.
